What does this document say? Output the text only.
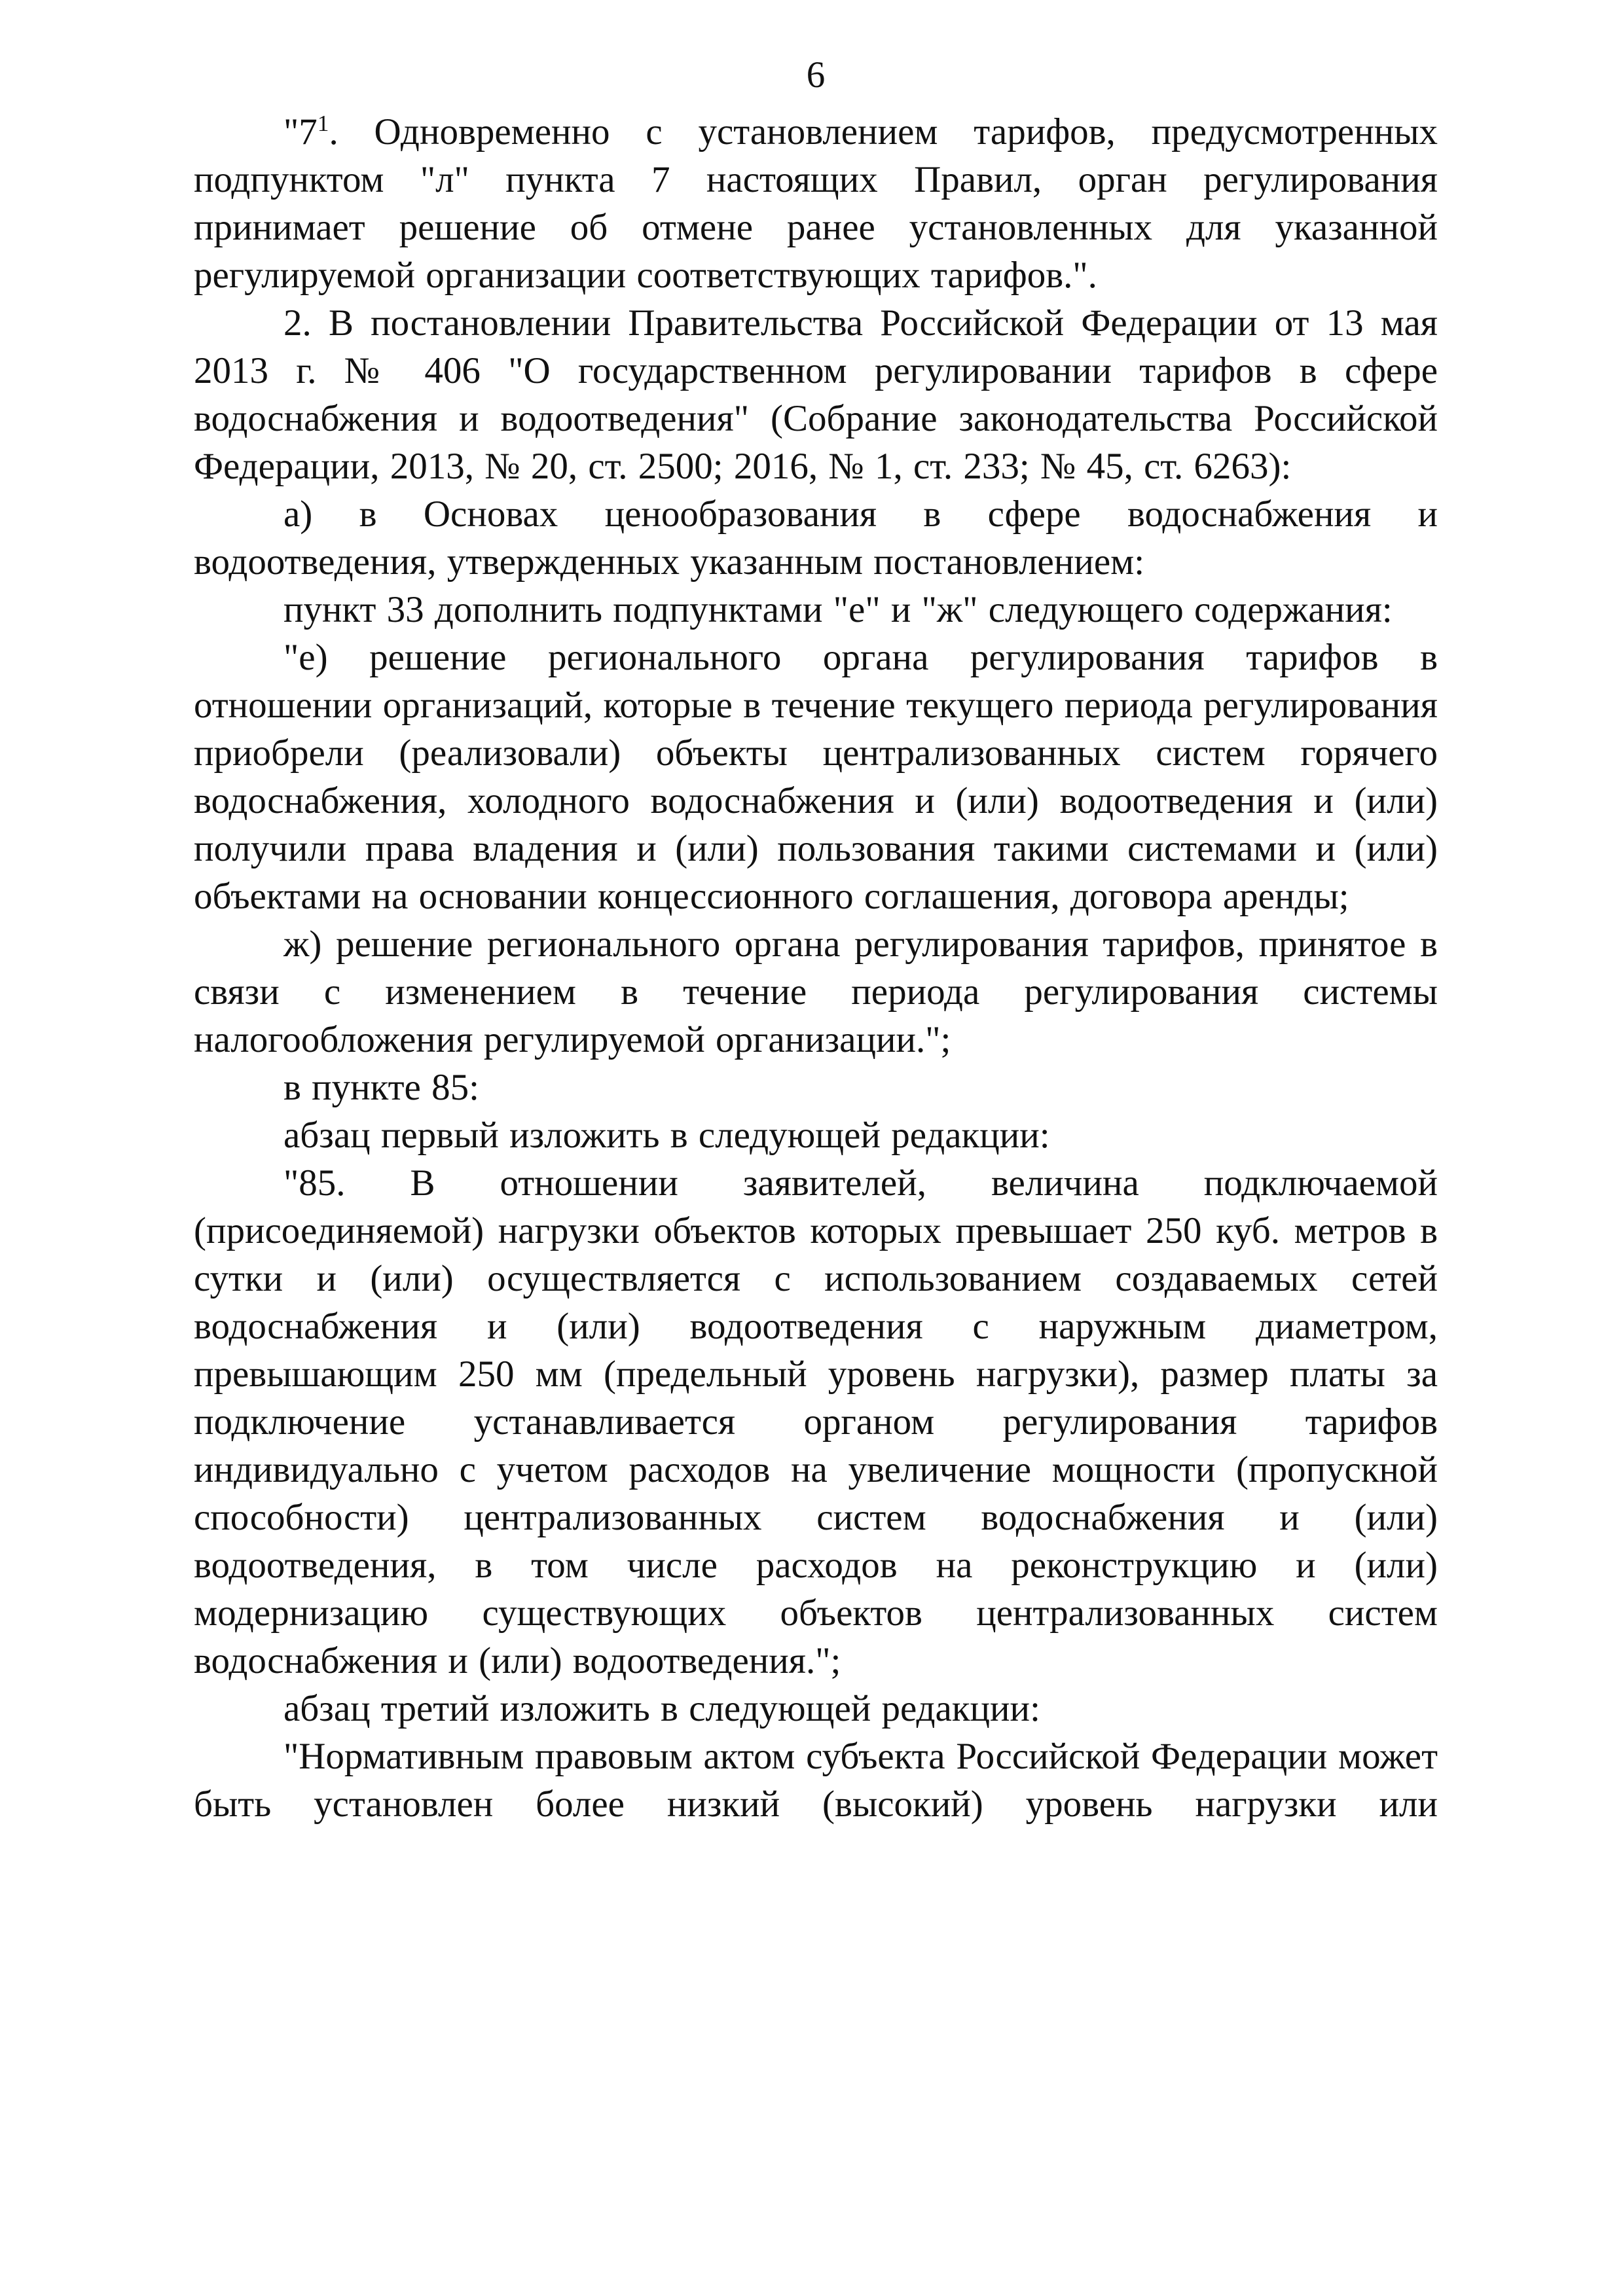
6

"7$^1$. Одновременно с установлением тарифов, предусмотренных подпунктом "л" пункта 7 настоящих Правил, орган регулирования принимает решение об отмене ранее установленных для указанной регулируемой организации соответствующих тарифов.".

2. В постановлении Правительства Российской Федерации от 13 мая 2013 г. № 406 "О государственном регулировании тарифов в сфере водоснабжения и водоотведения" (Собрание законодательства Российской Федерации, 2013, № 20, ст. 2500; 2016, № 1, ст. 233; № 45, ст. 6263):

а) в Основах ценообразования в сфере водоснабжения и водоотведения, утвержденных указанным постановлением:

пункт 33 дополнить подпунктами "е" и "ж" следующего содержания:

"е) решение регионального органа регулирования тарифов в отношении организаций, которые в течение текущего периода регулирования приобрели (реализовали) объекты централизованных систем горячего водоснабжения, холодного водоснабжения и (или) водоотведения и (или) получили права владения и (или) пользования такими системами и (или) объектами на основании концессионного соглашения, договора аренды;

ж) решение регионального органа регулирования тарифов, принятое в связи с изменением в течение периода регулирования системы налогообложения регулируемой организации.";

в пункте 85:

абзац первый изложить в следующей редакции:

"85. В отношении заявителей, величина подключаемой (присоединяемой) нагрузки объектов которых превышает 250 куб. метров в сутки и (или) осуществляется с использованием создаваемых сетей водоснабжения и (или) водоотведения с наружным диаметром, превышающим 250 мм (предельный уровень нагрузки), размер платы за подключение устанавливается органом регулирования тарифов индивидуально с учетом расходов на увеличение мощности (пропускной способности) централизованных систем водоснабжения и (или) водоотведения, в том числе расходов на реконструкцию и (или) модернизацию существующих объектов централизованных систем водоснабжения и (или) водоотведения.";

абзац третий изложить в следующей редакции:

"Нормативным правовым актом субъекта Российской Федерации может быть установлен более низкий (высокий) уровень нагрузки или
